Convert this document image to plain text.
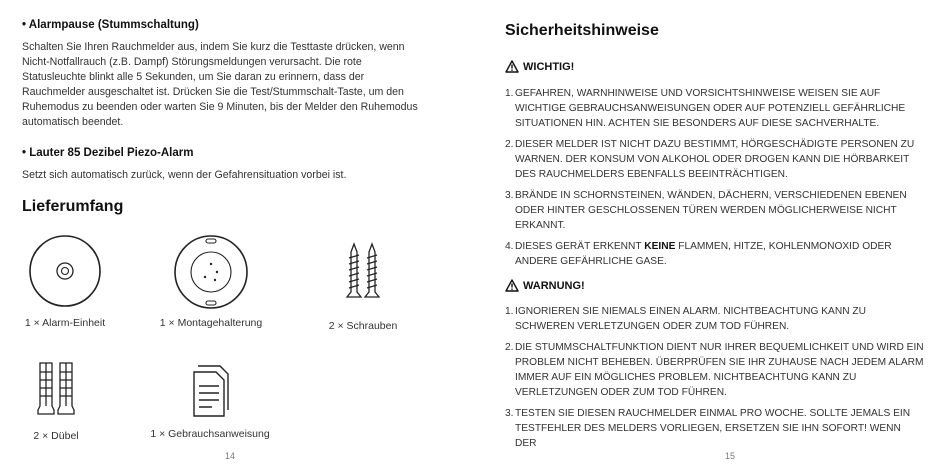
• Alarmpause (Stummschaltung)
Schalten Sie Ihren Rauchmelder aus, indem Sie kurz die Testtaste drücken, wenn Nicht-Notfallrauch (z.B. Dampf) Störungsmeldungen verursacht. Die rote Statusleuchte blinkt alle 5 Sekunden, um Sie daran zu erinnern, dass der Rauchmelder ausgeschaltet ist. Drücken Sie die Test/Stummschalt-Taste, um den Ruhemodus zu beenden oder warten Sie 9 Minuten, bis der Melder den Ruhemodus automatisch beendet.
• Lauter 85 Dezibel Piezo-Alarm
Setzt sich automatisch zurück, wenn der Gefahrensituation vorbei ist.
Lieferumfang
1 × Alarm-Einheit	1 × Montagehalterung	2 × Schrauben
2 × Dübel	1 × Gebrauchsanweisung
14
Sicherheitshinweise
WICHTIG!
1. GEFAHREN, WARNHINWEISE UND VORSICHTSHINWEISE WEISEN SIE AUF WICHTIGE GEBRAUCHSANWEISUNGEN ODER AUF POTENZIELL GEFÄHRLICHE SITUATIONEN HIN. ACHTEN SIE BESONDERS AUF DIESE SACHVERHALTE.
2. DIESER MELDER IST NICHT DAZU BESTIMMT, HÖRGESCHÄDIGTE PERSONEN ZU WARNEN. DER KONSUM VON ALKOHOL ODER DROGEN KANN DIE HÖRBARKEIT DES RAUCHMELDERS EBENFALLS BEEINTRÄCHTIGEN.
3. BRÄNDE IN SCHORNSTEINEN, WÄNDEN, DÄCHERN, VERSCHIEDENEN EBENEN ODER HINTER GESCHLOSSENEN TÜREN WERDEN MÖGLICHERWEISE NICHT ERKANNT.
4. DIESES GERÄT ERKENNT KEINE FLAMMEN, HITZE, KOHLENMONOXID ODER ANDERE GEFÄHRLICHE GASE.
WARNUNG!
1. IGNORIEREN SIE NIEMALS EINEN ALARM. NICHTBEACHTUNG KANN ZU SCHWEREN VERLETZUNGEN ODER ZUM TOD FÜHREN.
2. DIE STUMMSCHALTFUNKTION DIENT NUR IHRER BEQUEMLICHKEIT UND WIRD EIN PROBLEM NICHT BEHEBEN. ÜBERPRÜFEN SIE IHR ZUHAUSE NACH JEDEM ALARM IMMER AUF EIN MÖGLICHES PROBLEM. NICHTBEACHTUNG KANN ZU VERLETZUNGEN ODER ZUM TOD FÜHREN.
3. TESTEN SIE DIESEN RAUCHMELDER EINMAL PRO WOCHE. SOLLTE JEMALS EIN TESTFEHLER DES MELDERS VORLIEGEN, ERSETZEN SIE IHN SOFORT! WENN DER
15
